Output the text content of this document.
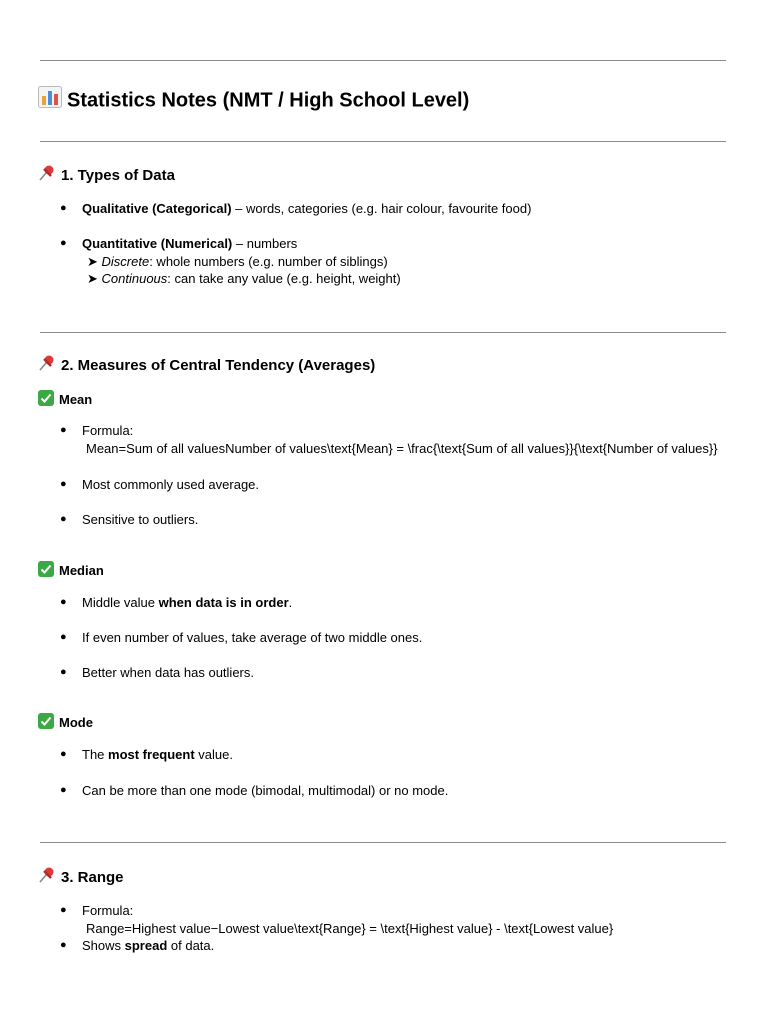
Statistics Notes (NMT / High School Level)
1. Types of Data
● Qualitative (Categorical) – words, categories (e.g. hair colour, favourite food)
● Quantitative (Numerical) – numbers
➤ Discrete: whole numbers (e.g. number of siblings)
➤ Continuous: can take any value (e.g. height, weight)
2. Measures of Central Tendency (Averages)
Mean
● Formula:
Mean=Sum of all valuesNumber of values\text{Mean} = \frac{\text{Sum of all values}}{\text{Number of values}}
● Most commonly used average.
● Sensitive to outliers.
Median
● Middle value when data is in order.
● If even number of values, take average of two middle ones.
● Better when data has outliers.
Mode
● The most frequent value.
● Can be more than one mode (bimodal, multimodal) or no mode.
3. Range
● Formula:
Range=Highest value−Lowest value\text{Range} = \text{Highest value} - \text{Lowest value}
● Shows spread of data.
